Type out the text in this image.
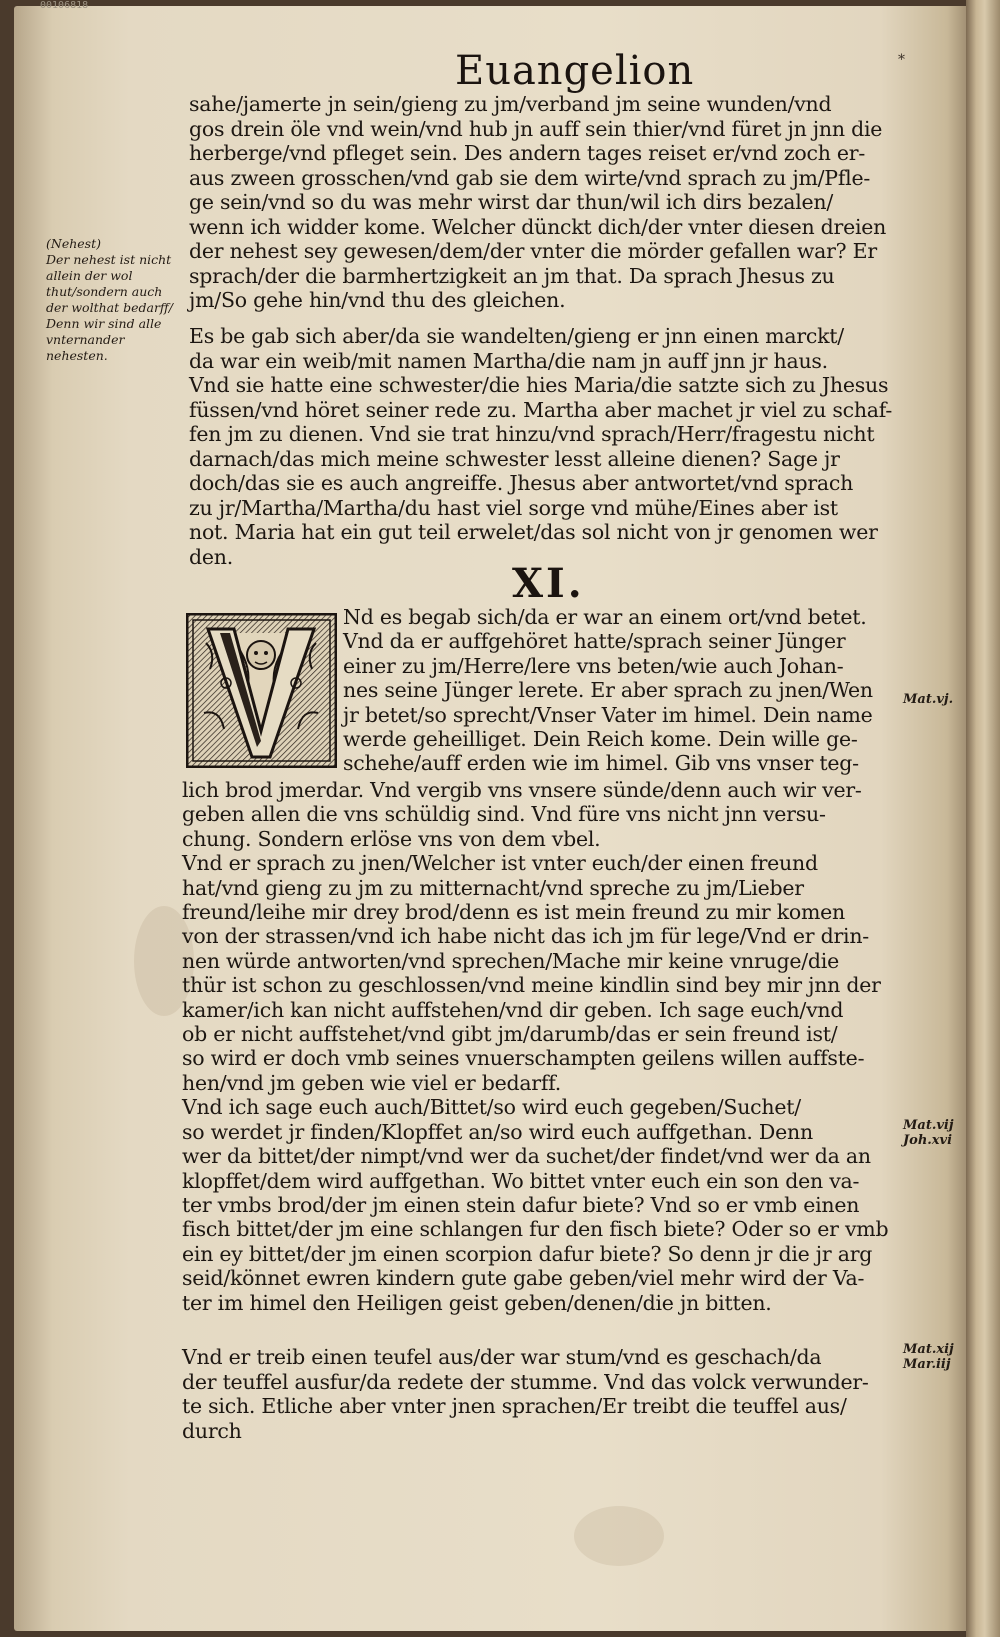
00106818
Euangelion	*

sahe/jamerte jn sein/gieng zu jm/verband jm seine wunden/vnd
gos drein öle vnd wein/vnd hub jn auff sein thier/vnd füret jn jnn die
herberge/vnd pfleget sein. Des andern tages reiset er/vnd zoch er-
aus zween grosschen/vnd gab sie dem wirte/vnd sprach zu jm/Pfle-
ge sein/vnd so du was mehr wirst dar thun/wil ich dirs bezalen/
wenn ich widder kome. Welcher dünckt dich/der vnter diesen dreien
der nehest sey gewesen/dem/der vnter die mörder gefallen war? Er
sprach/der die barmhertzigkeit an jm that. Da sprach Jhesus zu
jm/So gehe hin/vnd thu des gleichen.

Es be gab sich aber/da sie wandelten/gieng er jnn einen marckt/
da war ein weib/mit namen Martha/die nam jn auff jnn jr haus.
Vnd sie hatte eine schwester/die hies Maria/die satzte sich zu Jhesus
füssen/vnd höret seiner rede zu. Martha aber machet jr viel zu schaf-
fen jm zu dienen. Vnd sie trat hinzu/vnd sprach/Herr/fragestu nicht
darnach/das mich meine schwester lesst alleine dienen? Sage jr
doch/das sie es auch angreiffe. Jhesus aber antwortet/vnd sprach
zu jr/Martha/Martha/du hast viel sorge vnd mühe/Eines aber ist
not. Maria hat ein gut teil erwelet/das sol nicht von jr genomen wer
den.

XI.

Nd es begab sich/da er war an einem ort/vnd betet.
Vnd da er auffgehöret hatte/sprach seiner Jünger
einer zu jm/Herre/lere vns beten/wie auch Johan-
nes seine Jünger lerete. Er aber sprach zu jnen/Wen
jr betet/so sprecht/Vnser Vater im himel. Dein name
werde geheilliget. Dein Reich kome. Dein wille ge-
schehe/auff erden wie im himel. Gib vns vnser teg-

lich brod jmerdar. Vnd vergib vns vnsere sünde/denn auch wir ver-
geben allen die vns schüldig sind. Vnd füre vns nicht jnn versu-
chung. Sondern erlöse vns von dem vbel.
Vnd er sprach zu jnen/Welcher ist vnter euch/der einen freund
hat/vnd gieng zu jm zu mitternacht/vnd spreche zu jm/Lieber
freund/leihe mir drey brod/denn es ist mein freund zu mir komen
von der strassen/vnd ich habe nicht das ich jm für lege/Vnd er drin-
nen würde antworten/vnd sprechen/Mache mir keine vnruge/die
thür ist schon zu geschlossen/vnd meine kindlin sind bey mir jnn der
kamer/ich kan nicht auffstehen/vnd dir geben. Ich sage euch/vnd
ob er nicht auffstehet/vnd gibt jm/darumb/das er sein freund ist/
so wird er doch vmb seines vnuerschampten geilens willen auffste-
hen/vnd jm geben wie viel er bedarff.
Vnd ich sage euch auch/Bittet/so wird euch gegeben/Suchet/
so werdet jr finden/Klopffet an/so wird euch auffgethan. Denn
wer da bittet/der nimpt/vnd wer da suchet/der findet/vnd wer da an
klopffet/dem wird auffgethan. Wo bittet vnter euch ein son den va-
ter vmbs brod/der jm einen stein dafur biete? Vnd so er vmb einen
fisch bittet/der jm eine schlangen fur den fisch biete? Oder so er vmb
ein ey bittet/der jm einen scorpion dafur biete? So denn jr die jr arg
seid/könnet ewren kindern gute gabe geben/viel mehr wird der Va-
ter im himel den Heiligen geist geben/denen/die jn bitten.

Vnd er treib einen teufel aus/der war stum/vnd es geschach/da
der teuffel ausfur/da redete der stumme. Vnd das volck verwunder-
te sich. Etliche aber vnter jnen sprachen/Er treibt die teuffel aus/
durch

(Nehest)
Der nehest ist nicht allein der wol thut/sondern auch der wolthat bedarff/ Denn wir sind alle vnternander nehesten.

Mat.vj.

Mat.vij
Joh.xvi

Mat.xij
Mar.iij
